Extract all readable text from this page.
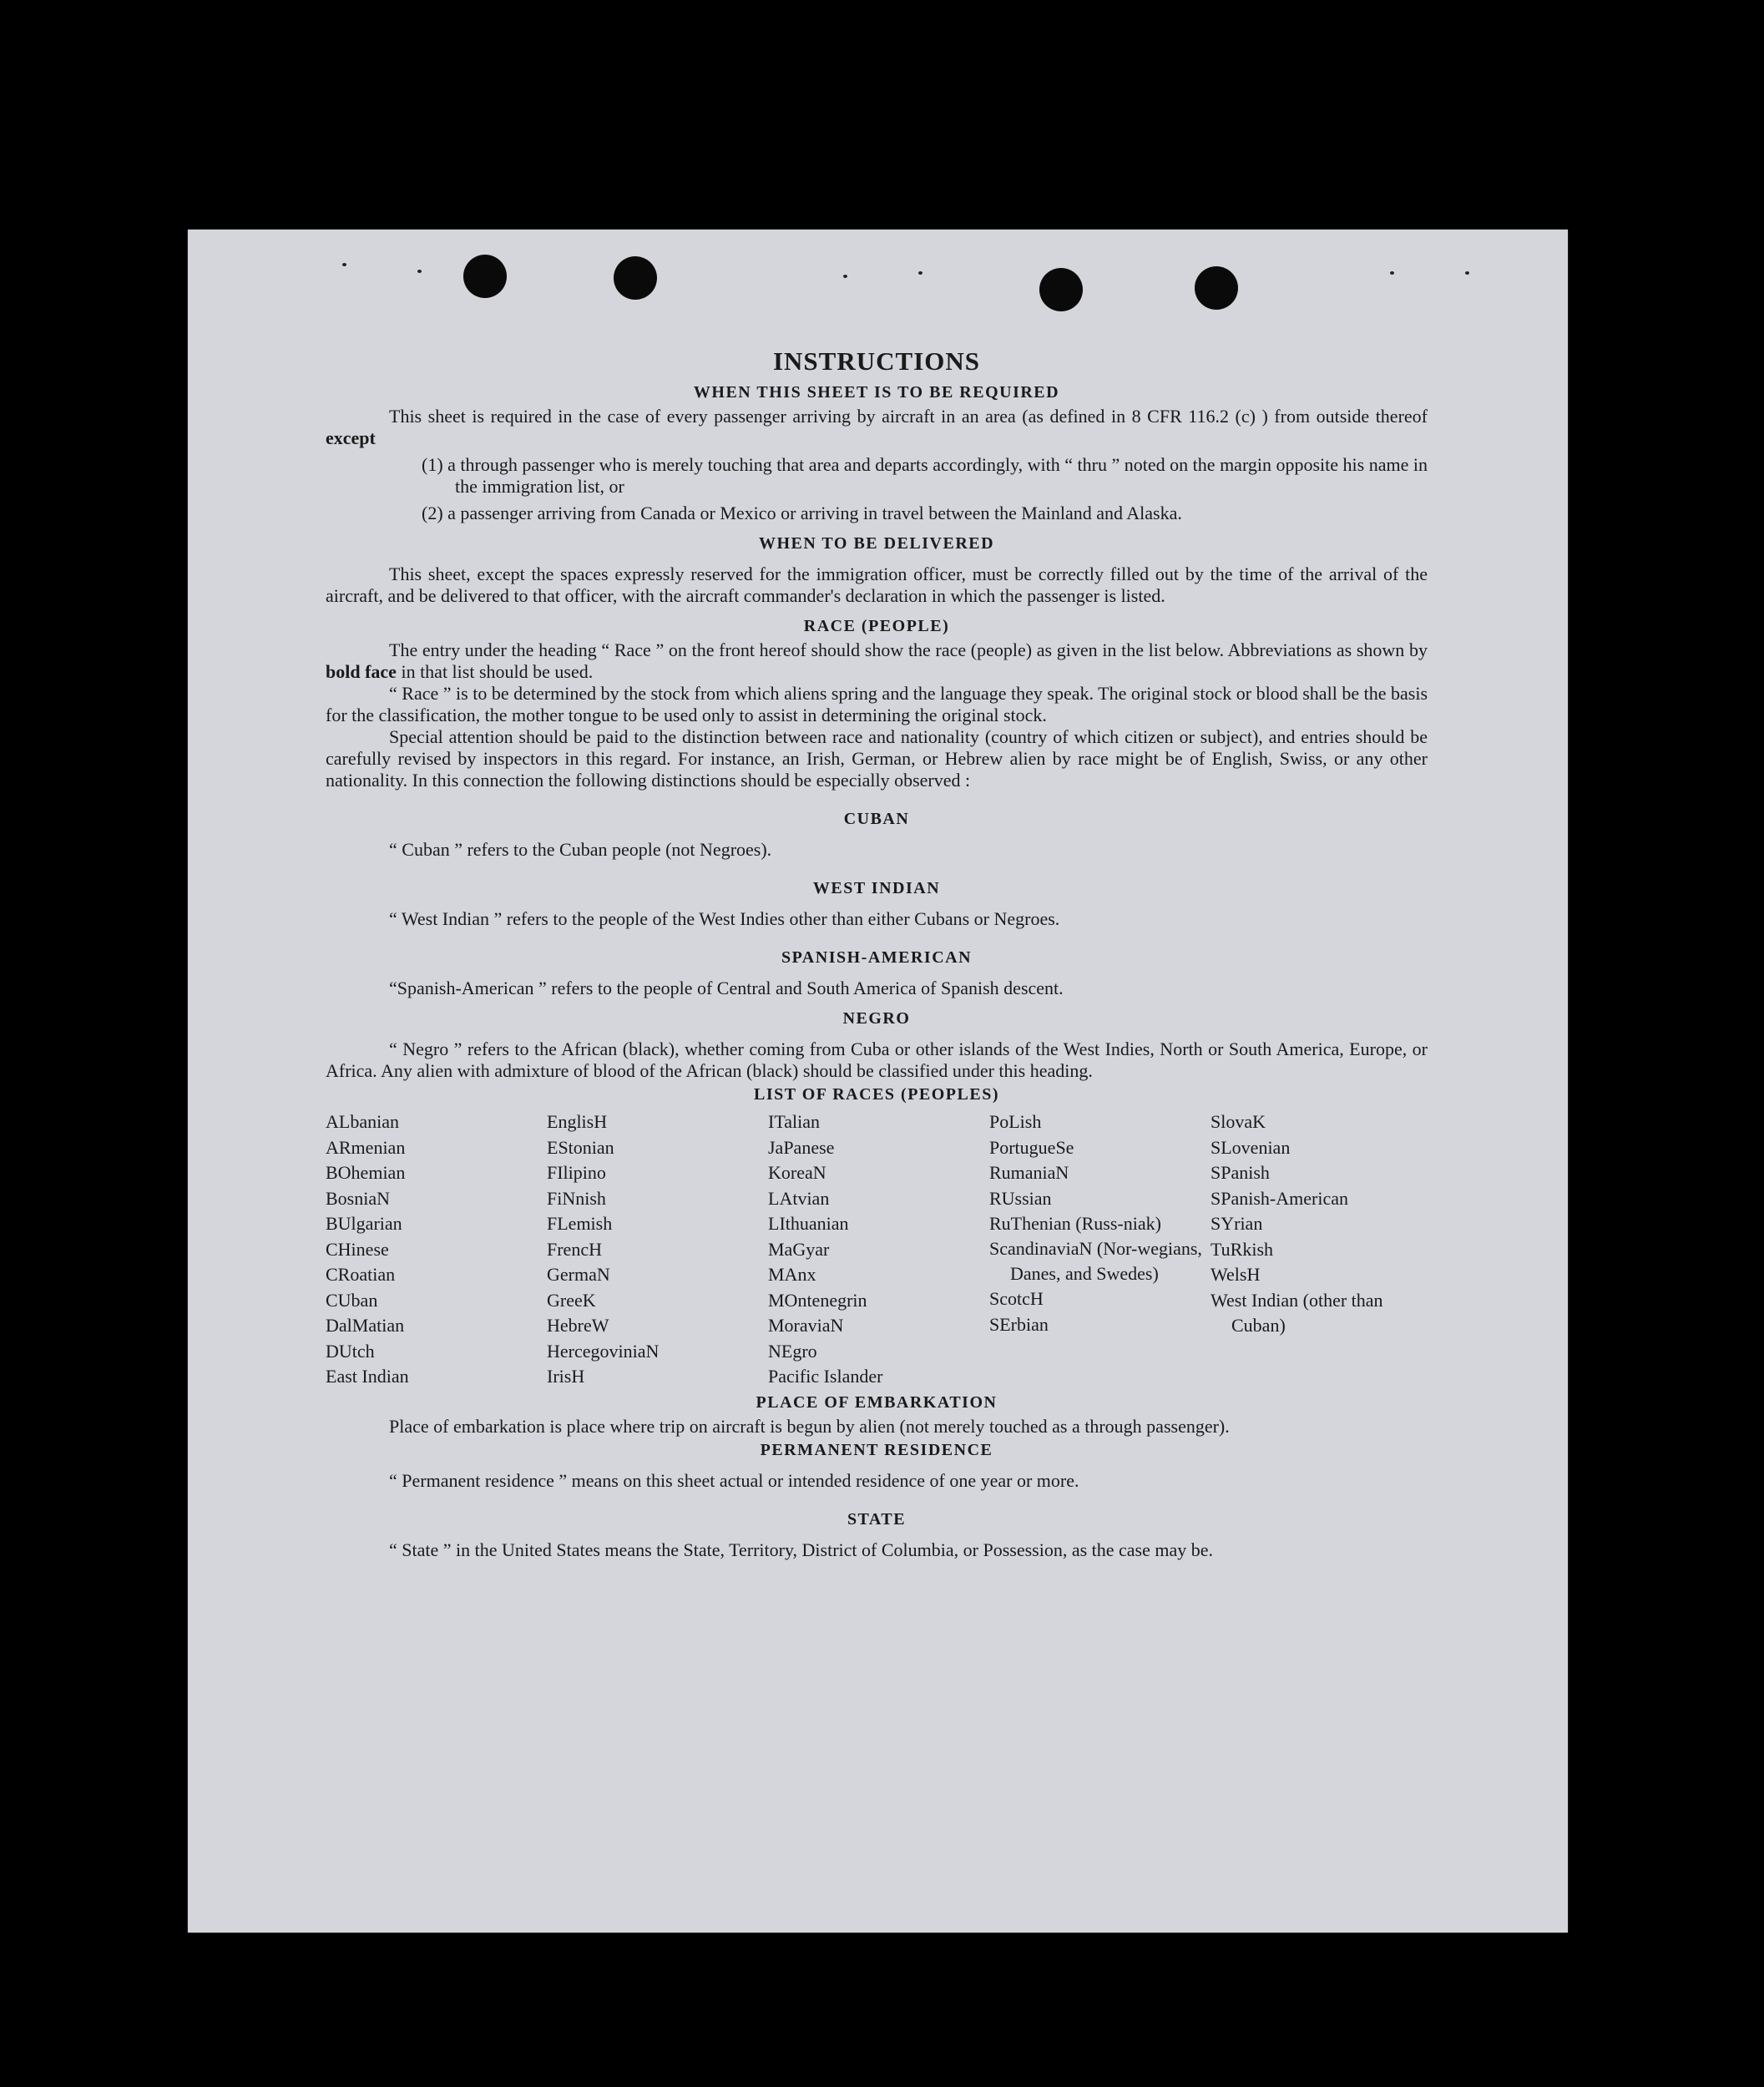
INSTRUCTIONS
WHEN THIS SHEET IS TO BE REQUIRED

This sheet is required in the case of every passenger arriving by aircraft in an area (as defined in 8 CFR 116.2 (c) ) from outside thereof except

(1) a through passenger who is merely touching that area and departs accordingly, with “ thru ” noted on the margin opposite his name in the immigration list, or

(2) a passenger arriving from Canada or Mexico or arriving in travel between the Mainland and Alaska.

WHEN TO BE DELIVERED

This sheet, except the spaces expressly reserved for the immigration officer, must be correctly filled out by the time of the arrival of the aircraft, and be delivered to that officer, with the aircraft commander's declaration in which the passenger is listed.

RACE (PEOPLE)

The entry under the heading “ Race ” on the front hereof should show the race (people) as given in the list below. Abbreviations as shown by bold face in that list should be used.

“ Race ” is to be determined by the stock from which aliens spring and the language they speak. The original stock or blood shall be the basis for the classification, the mother tongue to be used only to assist in determining the original stock.

Special attention should be paid to the distinction between race and nationality (country of which citizen or subject), and entries should be carefully revised by inspectors in this regard. For instance, an Irish, German, or Hebrew alien by race might be of English, Swiss, or any other nationality. In this connection the following distinctions should be especially observed :

CUBAN

“ Cuban ” refers to the Cuban people (not Negroes).

WEST INDIAN

“ West Indian ” refers to the people of the West Indies other than either Cubans or Negroes.

SPANISH-AMERICAN

“Spanish-American ” refers to the people of Central and South America of Spanish descent.

NEGRO

“ Negro ” refers to the African (black), whether coming from Cuba or other islands of the West Indies, North or South America, Europe, or Africa. Any alien with admixture of blood of the African (black) should be classified under this heading.

LIST OF RACES (PEOPLES)
ALbanian
ARmenian
BOhemian
BosniaN
BUlgarian
CHinese
CRoatian
CUban
DalMatian
DUtch
East Indian

EnglisH
EStonian
FIlipino
FiNnish
FLemish
FrencH
GermaN
GreeK
HebreW
HercegoviniaN
IrisH

ITalian
JaPanese
KoreaN
LAtvian
LIthuanian
MaGyar
MAnx
MOntenegrin
MoraviaN
NEgro
Pacific Islander

PoLish
PortugueSe
RumaniaN
RUssian
RuThenian (Russ-niak)
ScandinaviaN (Nor-wegians, Danes, and Swedes)
ScotcH
SErbian

SlovaK
SLovenian
SPanish
SPanish-American
SYrian
TuRkish
WelsH
West Indian (other than Cuban)
PLACE OF EMBARKATION

Place of embarkation is place where trip on aircraft is begun by alien (not merely touched as a through passenger).

PERMANENT RESIDENCE

“ Permanent residence ” means on this sheet actual or intended residence of one year or more.

STATE

“ State ” in the United States means the State, Territory, District of Columbia, or Possession, as the case may be.
